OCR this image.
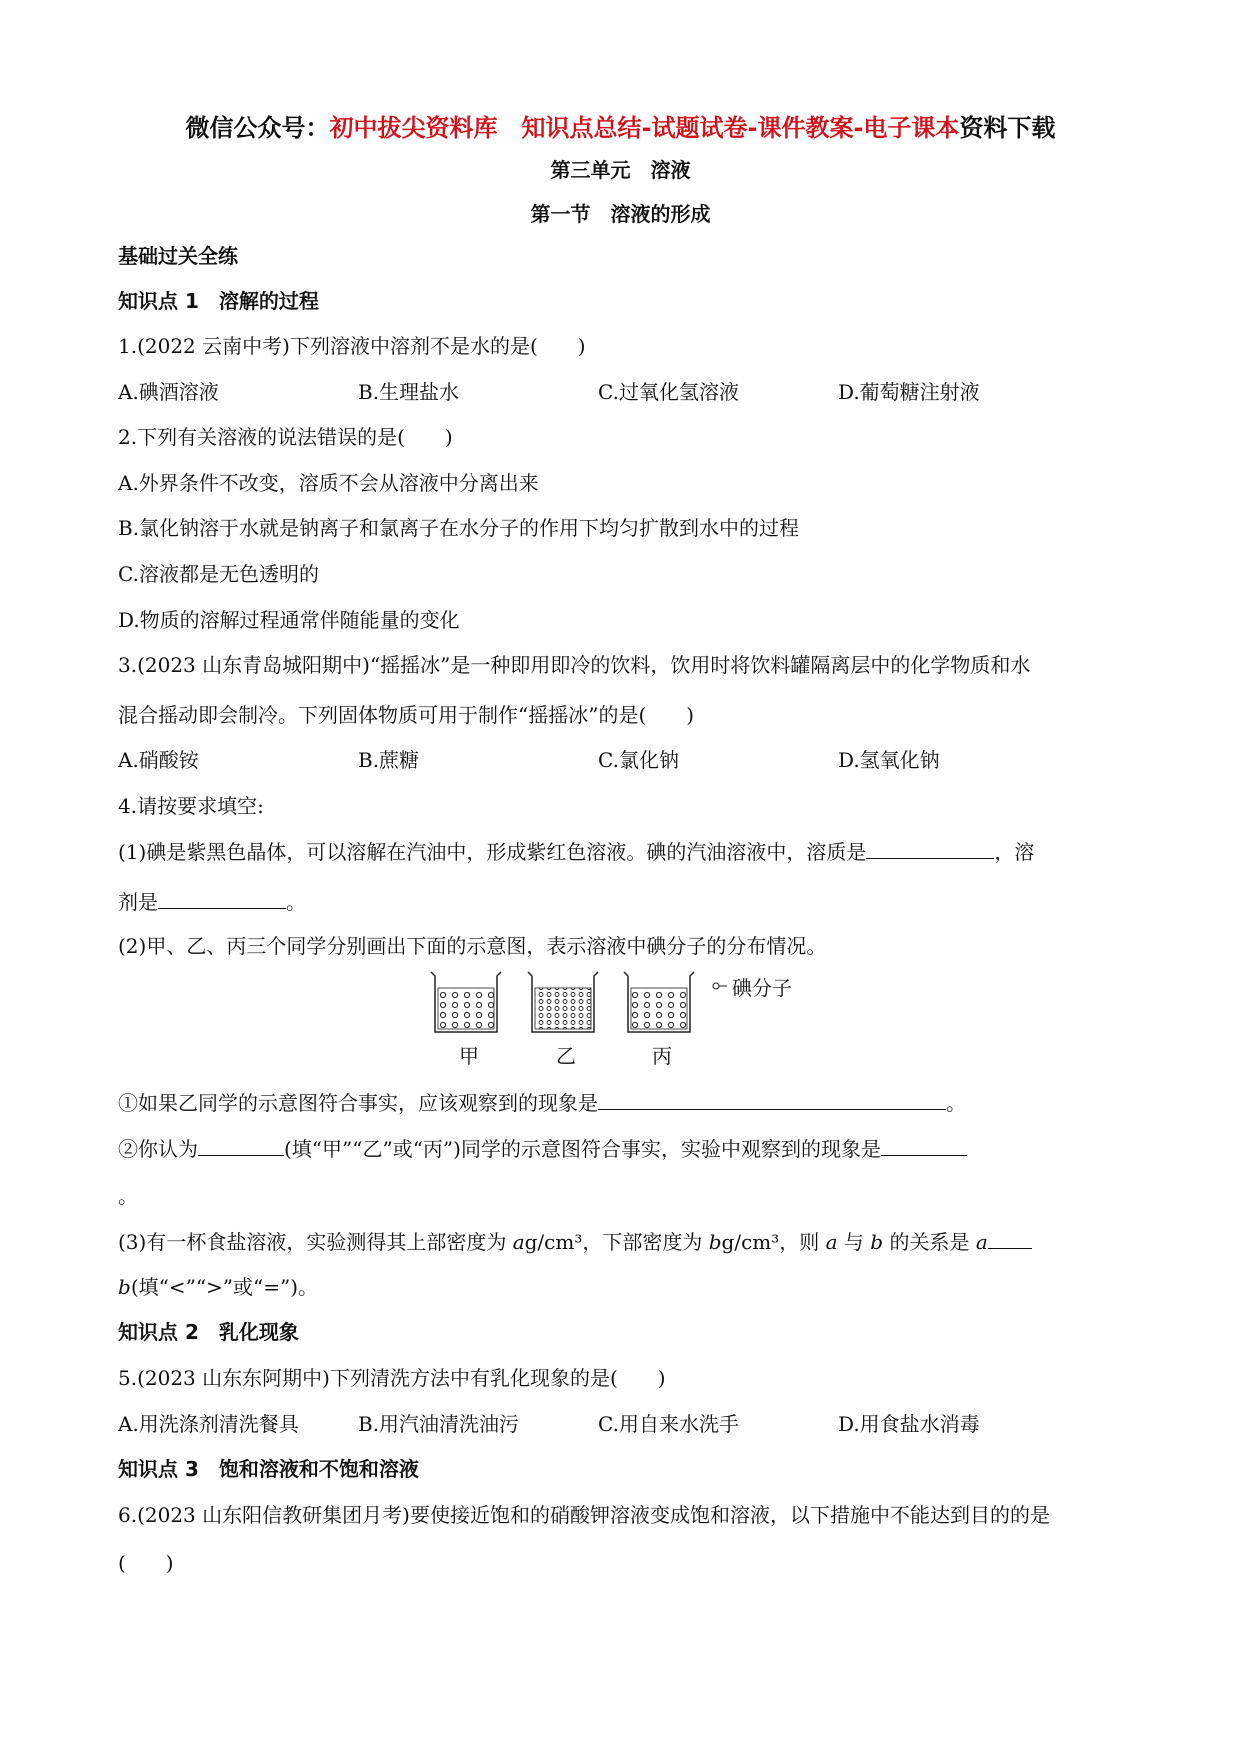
微信公众号：初中拔尖资料库　知识点总结-试题试卷-课件教案-电子课本资料下载
第三单元　溶液
第一节　溶液的形成
基础过关全练
知识点 1　溶解的过程
1.(2022 云南中考)下列溶液中溶剂不是水的是(　　)
A.碘酒溶液	B.生理盐水	C.过氧化氢溶液	D.葡萄糖注射液
2.下列有关溶液的说法错误的是(　　)
A.外界条件不改变，溶质不会从溶液中分离出来
B.氯化钠溶于水就是钠离子和氯离子在水分子的作用下均匀扩散到水中的过程
C.溶液都是无色透明的
D.物质的溶解过程通常伴随能量的变化
3.(2023 山东青岛城阳期中)“摇摇冰”是一种即用即冷的饮料，饮用时将饮料罐隔离层中的化学物质和水
混合摇动即会制冷。下列固体物质可用于制作“摇摇冰”的是(　　)
A.硝酸铵	B.蔗糖	C.氯化钠	D.氢氧化钠
4.请按要求填空:
(1)碘是紫黑色晶体，可以溶解在汽油中，形成紫红色溶液。碘的汽油溶液中，溶质是	，溶
剂是	。
(2)甲、乙、丙三个同学分别画出下面的示意图，表示溶液中碘分子的分布情况。
碘分子
甲	乙	丙
①如果乙同学的示意图符合事实，应该观察到的现象是	。
②你认为	(填“甲”“乙”或“丙”)同学的示意图符合事实，实验中观察到的现象是
。
(3)有一杯食盐溶液，实验测得其上部密度为 ag/cm³，下部密度为 bg/cm³，则 a 与 b 的关系是 a
b(填“<”“>”或“=”)。
知识点 2　乳化现象
5.(2023 山东东阿期中)下列清洗方法中有乳化现象的是(　　)
A.用洗涤剂清洗餐具	B.用汽油清洗油污	C.用自来水洗手	D.用食盐水消毒
知识点 3　饱和溶液和不饱和溶液
6.(2023 山东阳信教研集团月考)要使接近饱和的硝酸钾溶液变成饱和溶液，以下措施中不能达到目的的是
(　　)
